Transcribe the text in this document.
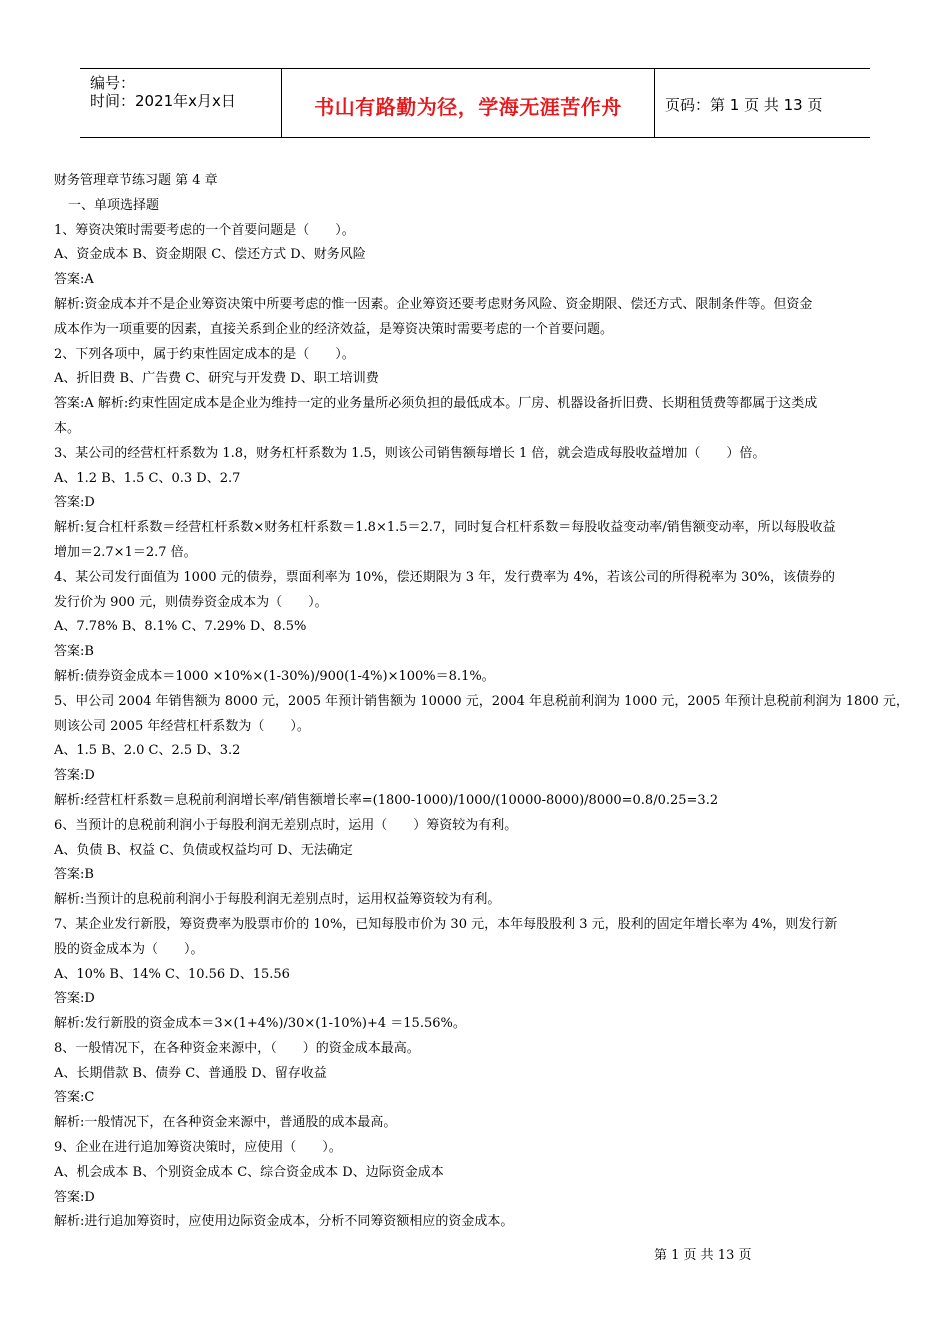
编号：
时间：2021年x月x日	书山有路勤为径，学海无涯苦作舟	页码：第 1 页 共 13 页
财务管理章节练习题 第 4 章
一、单项选择题
1、筹资决策时需要考虑的一个首要问题是（　　）。
A、资金成本 B、资金期限 C、偿还方式 D、财务风险
答案:A
解析:资金成本并不是企业筹资决策中所要考虑的惟一因素。企业筹资还要考虑财务风险、资金期限、偿还方式、限制条件等。但资金
成本作为一项重要的因素，直接关系到企业的经济效益，是筹资决策时需要考虑的一个首要问题。
2、下列各项中，属于约束性固定成本的是（　　）。
A、折旧费 B、广告费 C、研究与开发费 D、职工培训费
答案:A 解析:约束性固定成本是企业为维持一定的业务量所必须负担的最低成本。厂房、机器设备折旧费、长期租赁费等都属于这类成
本。
3、某公司的经营杠杆系数为 1.8，财务杠杆系数为 1.5，则该公司销售额每增长 1 倍，就会造成每股收益增加（　　）倍。
A、1.2 B、1.5 C、0.3 D、2.7
答案:D
解析:复合杠杆系数＝经营杠杆系数×财务杠杆系数＝1.8×1.5＝2.7，同时复合杠杆系数＝每股收益变动率/销售额变动率，所以每股收益
增加＝2.7×1＝2.7 倍。
4、某公司发行面值为 1000 元的债券，票面利率为 10%，偿还期限为 3 年，发行费率为 4%，若该公司的所得税率为 30%，该债券的
发行价为 900 元，则债券资金成本为（　　）。
A、7.78% B、8.1% C、7.29% D、8.5%
答案:B
解析:债券资金成本＝1000 ×10%×(1-30%)/900(1-4%)×100%＝8.1%。
5、甲公司 2004 年销售额为 8000 元，2005 年预计销售额为 10000 元，2004 年息税前利润为 1000 元，2005 年预计息税前利润为 1800 元，
则该公司 2005 年经营杠杆系数为（　　）。
A、1.5 B、2.0 C、2.5 D、3.2
答案:D
解析:经营杠杆系数＝息税前利润增长率/销售额增长率=(1800-1000)/1000/(10000-8000)/8000=0.8/0.25=3.2
6、当预计的息税前利润小于每股利润无差别点时，运用（　　）筹资较为有利。
A、负债 B、权益 C、负债或权益均可 D、无法确定
答案:B
解析:当预计的息税前利润小于每股利润无差别点时，运用权益筹资较为有利。
7、某企业发行新股，筹资费率为股票市价的 10%，已知每股市价为 30 元，本年每股股利 3 元，股利的固定年增长率为 4%，则发行新
股的资金成本为（　　）。
A、10% B、14% C、10.56 D、15.56
答案:D
解析:发行新股的资金成本＝3×(1+4%)/30×(1-10%)+4 ＝15.56%。
8、一般情况下，在各种资金来源中，（　　）的资金成本最高。
A、长期借款 B、债券 C、普通股 D、留存收益
答案:C
解析:一般情况下，在各种资金来源中，普通股的成本最高。
9、企业在进行追加筹资决策时，应使用（　　）。
A、机会成本 B、个别资金成本 C、综合资金成本 D、边际资金成本
答案:D
解析:进行追加筹资时，应使用边际资金成本，分析不同筹资额相应的资金成本。
第 1 页 共 13 页
